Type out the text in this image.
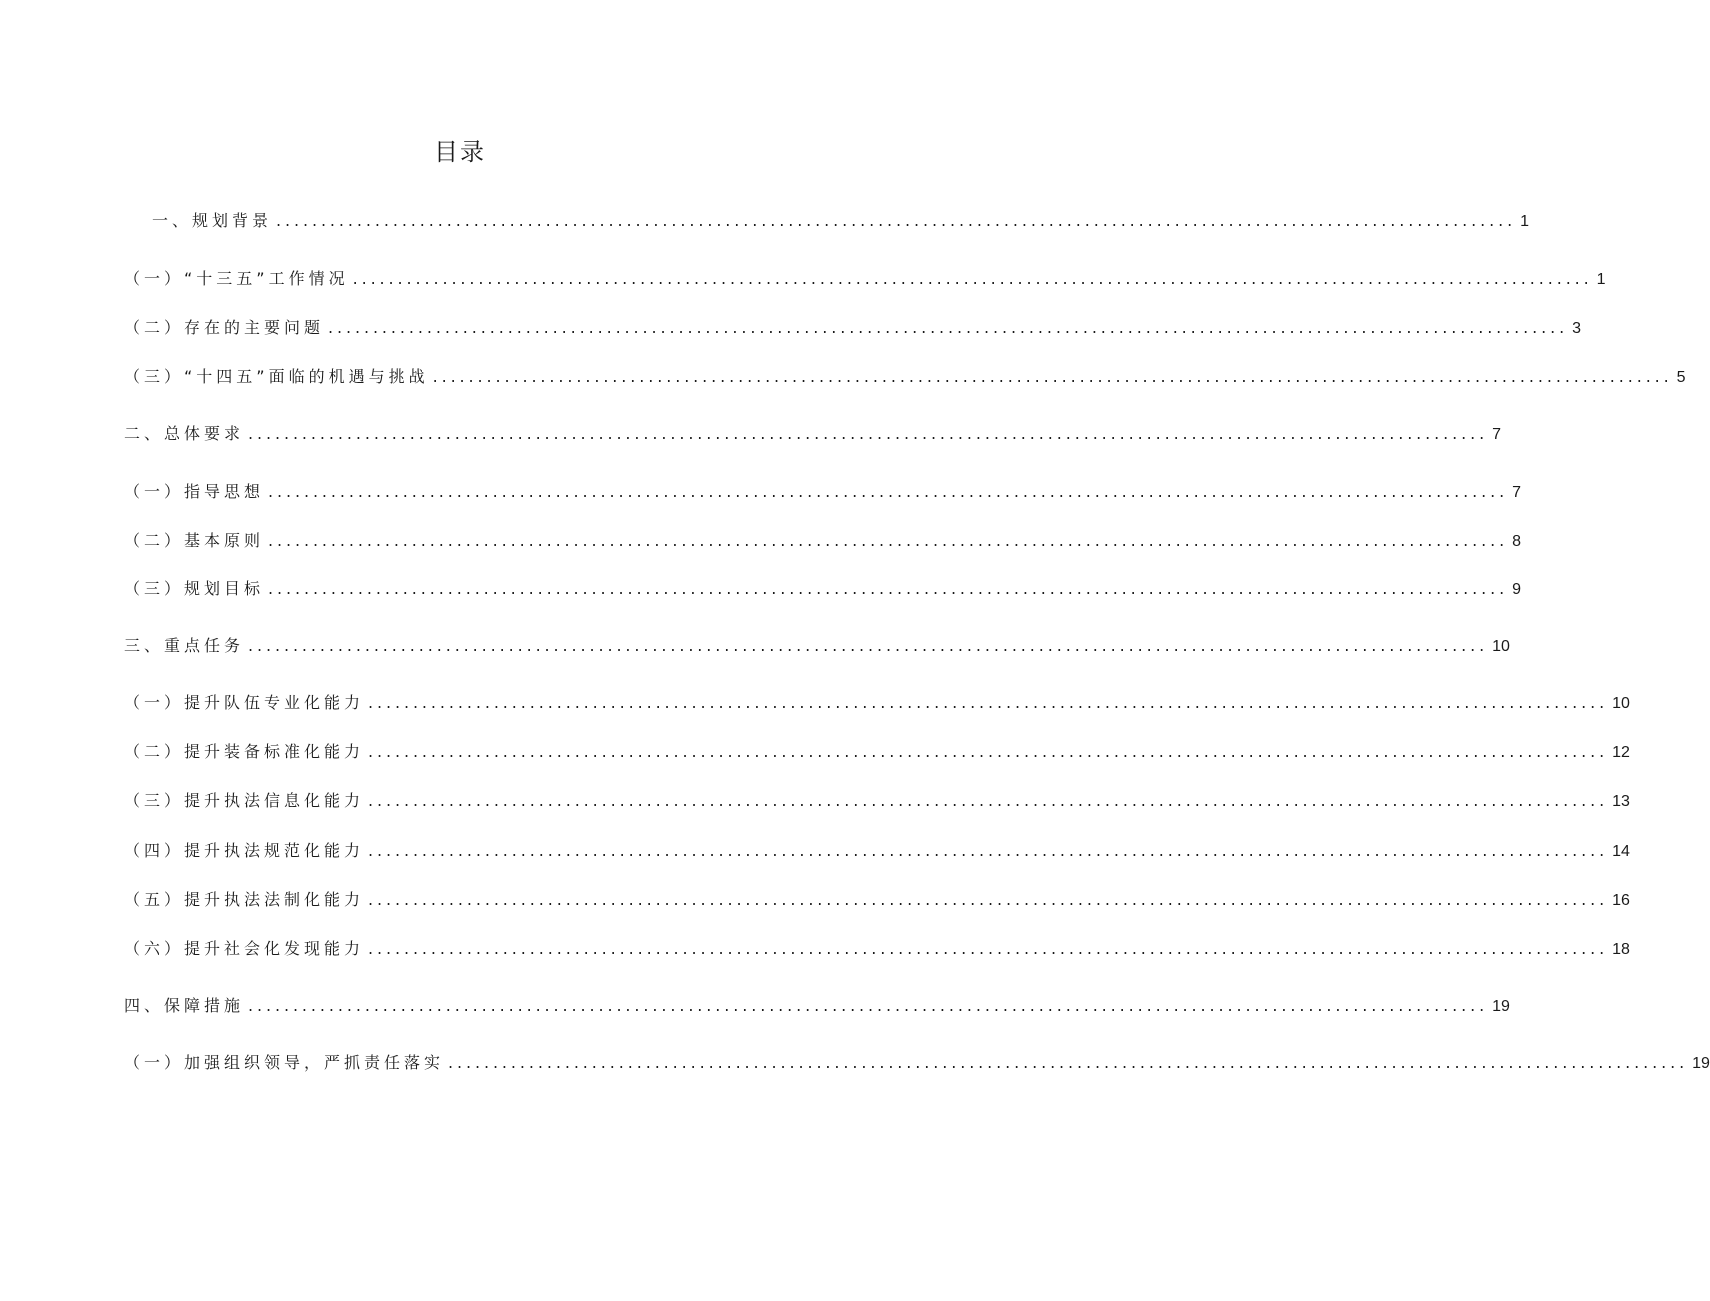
目录
一、规划背景 .......................................................................................................................................... 1
（一）“十三五”工作情况 .......................................................................................................................................... 1
（二）存在的主要问题 .......................................................................................................................................... 3
（三）“十四五”面临的机遇与挑战 .......................................................................................................................................... 5
二、总体要求 .......................................................................................................................................... 7
（一）指导思想 .......................................................................................................................................... 7
（二）基本原则 .......................................................................................................................................... 8
（三）规划目标 .......................................................................................................................................... 9
三、重点任务 .......................................................................................................................................... 10
（一）提升队伍专业化能力 .......................................................................................................................................... 10
（二）提升装备标准化能力 .......................................................................................................................................... 12
（三）提升执法信息化能力 .......................................................................................................................................... 13
（四）提升执法规范化能力 .......................................................................................................................................... 14
（五）提升执法法制化能力 .......................................................................................................................................... 16
（六）提升社会化发现能力 .......................................................................................................................................... 18
四、保障措施 .......................................................................................................................................... 19
（一）加强组织领导，严抓责任落实 .......................................................................................................................................... 19
